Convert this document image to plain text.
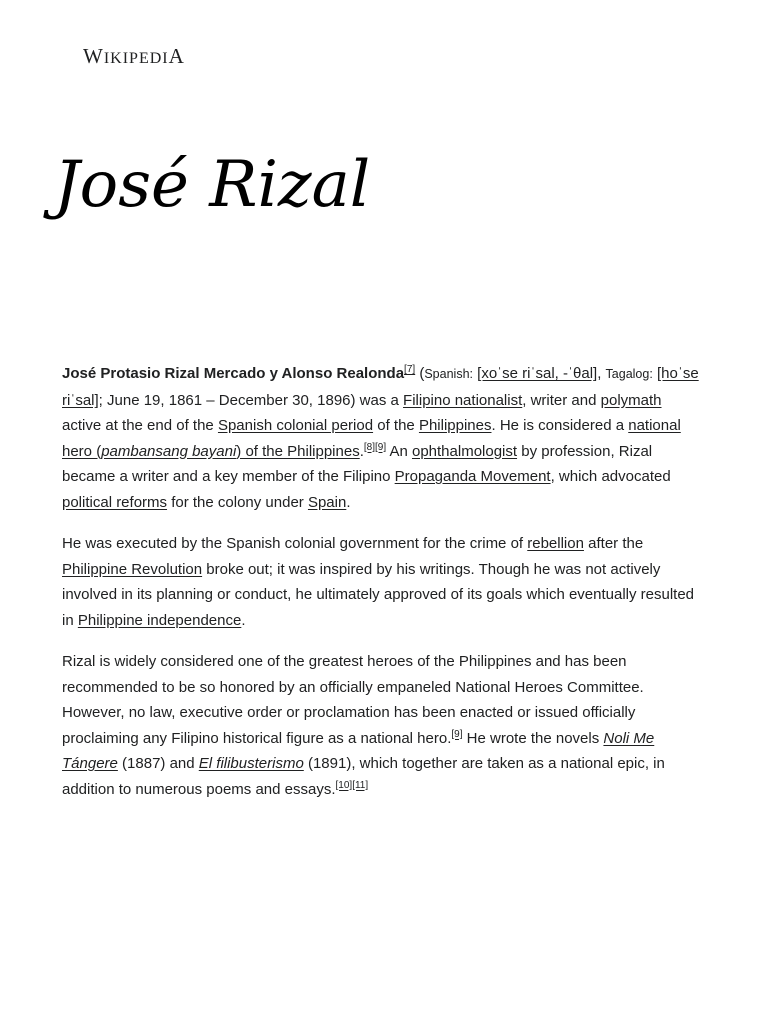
WIKIPEDIA
José Rizal

José Protasio Rizal Mercado y Alonso Realonda[7] (Spanish: [xoˈse riˈsal, -ˈθal], Tagalog: [hoˈse riˈsal]; June 19, 1861 – December 30, 1896) was a Filipino nationalist, writer and polymath active at the end of the Spanish colonial period of the Philippines. He is considered a national hero (pambansang bayani) of the Philippines.[8][9] An ophthalmologist by profession, Rizal became a writer and a key member of the Filipino Propaganda Movement, which advocated political reforms for the colony under Spain.

He was executed by the Spanish colonial government for the crime of rebellion after the Philippine Revolution broke out; it was inspired by his writings. Though he was not actively involved in its planning or conduct, he ultimately approved of its goals which eventually resulted in Philippine independence.

Rizal is widely considered one of the greatest heroes of the Philippines and has been recommended to be so honored by an officially empaneled National Heroes Committee. However, no law, executive order or proclamation has been enacted or issued officially proclaiming any Filipino historical figure as a national hero.[9] He wrote the novels Noli Me Tángere (1887) and El filibusterismo (1891), which together are taken as a national epic, in addition to numerous poems and essays.[10][11]
